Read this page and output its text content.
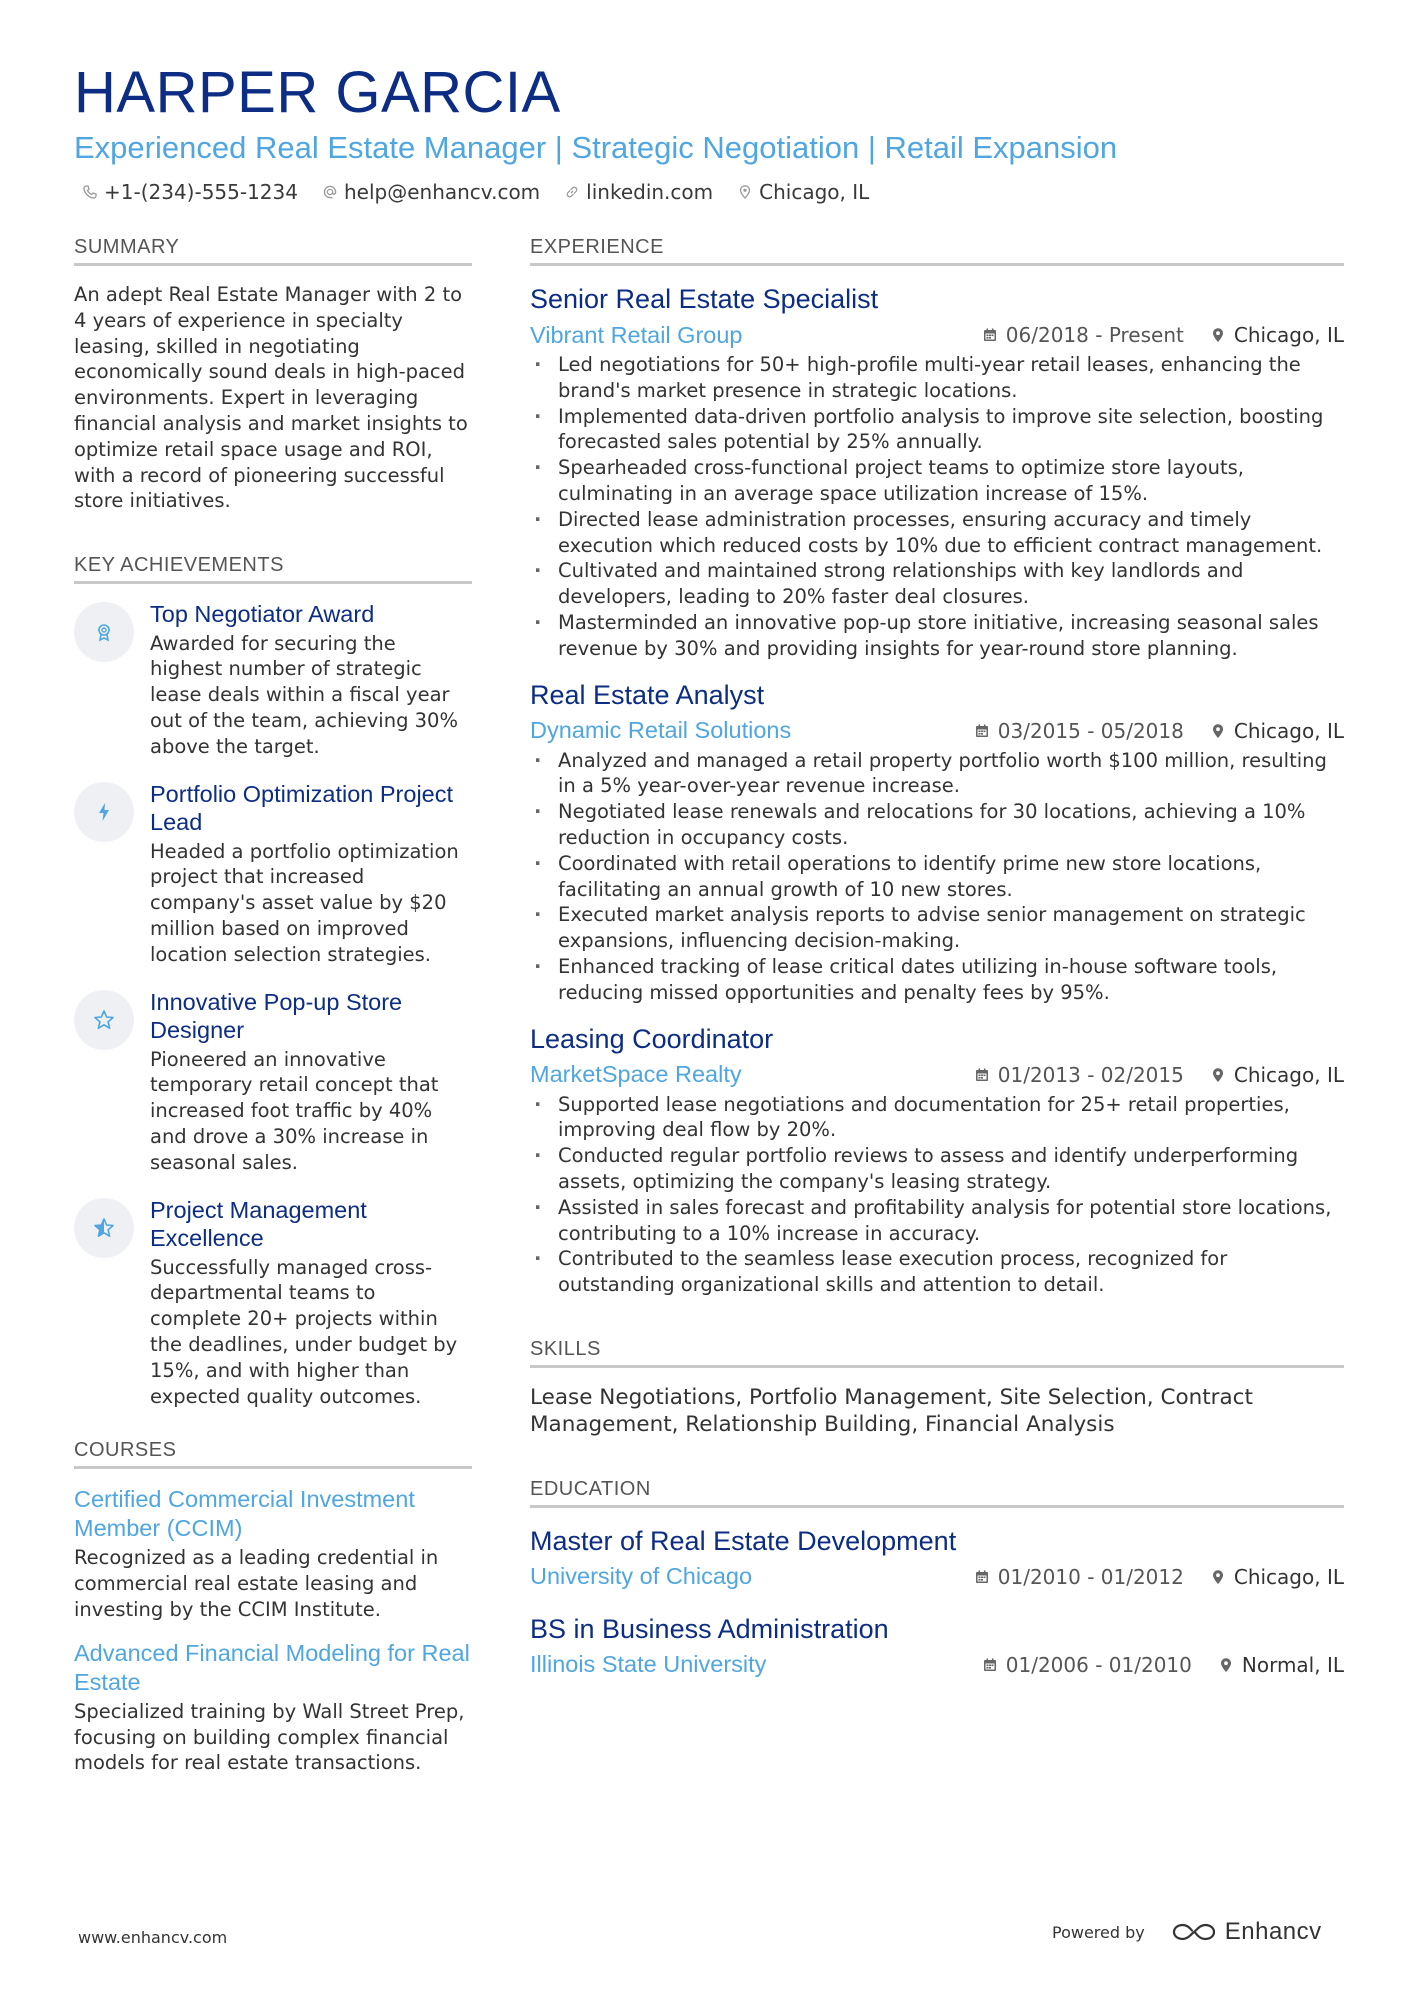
HARPER GARCIA
Experienced Real Estate Manager | Strategic Negotiation | Retail Expansion
+1-(234)-555-1234 help@enhancv.com linkedin.com Chicago, IL
SUMMARY
An adept Real Estate Manager with 2 to 4 years of experience in specialty leasing, skilled in negotiating economically sound deals in high-paced environments. Expert in leveraging financial analysis and market insights to optimize retail space usage and ROI, with a record of pioneering successful store initiatives.
KEY ACHIEVEMENTS
Top Negotiator Award
Awarded for securing the highest number of strategic lease deals within a fiscal year out of the team, achieving 30% above the target.
Portfolio Optimization Project Lead
Headed a portfolio optimization project that increased company's asset value by $20 million based on improved location selection strategies.
Innovative Pop-up Store Designer
Pioneered an innovative temporary retail concept that increased foot traffic by 40% and drove a 30% increase in seasonal sales.
Project Management Excellence
Successfully managed cross-departmental teams to complete 20+ projects within the deadlines, under budget by 15%, and with higher than expected quality outcomes.
COURSES
Certified Commercial Investment Member (CCIM)
Recognized as a leading credential in commercial real estate leasing and investing by the CCIM Institute.
Advanced Financial Modeling for Real Estate
Specialized training by Wall Street Prep, focusing on building complex financial models for real estate transactions.
EXPERIENCE
Senior Real Estate Specialist
Vibrant Retail Group	06/2018 - Present	Chicago, IL
· Led negotiations for 50+ high-profile multi-year retail leases, enhancing the brand's market presence in strategic locations.
· Implemented data-driven portfolio analysis to improve site selection, boosting forecasted sales potential by 25% annually.
· Spearheaded cross-functional project teams to optimize store layouts, culminating in an average space utilization increase of 15%.
· Directed lease administration processes, ensuring accuracy and timely execution which reduced costs by 10% due to efficient contract management.
· Cultivated and maintained strong relationships with key landlords and developers, leading to 20% faster deal closures.
· Masterminded an innovative pop-up store initiative, increasing seasonal sales revenue by 30% and providing insights for year-round store planning.
Real Estate Analyst
Dynamic Retail Solutions	03/2015 - 05/2018	Chicago, IL
· Analyzed and managed a retail property portfolio worth $100 million, resulting in a 5% year-over-year revenue increase.
· Negotiated lease renewals and relocations for 30 locations, achieving a 10% reduction in occupancy costs.
· Coordinated with retail operations to identify prime new store locations, facilitating an annual growth of 10 new stores.
· Executed market analysis reports to advise senior management on strategic expansions, influencing decision-making.
· Enhanced tracking of lease critical dates utilizing in-house software tools, reducing missed opportunities and penalty fees by 95%.
Leasing Coordinator
MarketSpace Realty	01/2013 - 02/2015	Chicago, IL
· Supported lease negotiations and documentation for 25+ retail properties, improving deal flow by 20%.
· Conducted regular portfolio reviews to assess and identify underperforming assets, optimizing the company's leasing strategy.
· Assisted in sales forecast and profitability analysis for potential store locations, contributing to a 10% increase in accuracy.
· Contributed to the seamless lease execution process, recognized for outstanding organizational skills and attention to detail.
SKILLS
Lease Negotiations, Portfolio Management, Site Selection, Contract Management, Relationship Building, Financial Analysis
EDUCATION
Master of Real Estate Development
University of Chicago	01/2010 - 01/2012	Chicago, IL
BS in Business Administration
Illinois State University	01/2006 - 01/2010	Normal, IL
www.enhancv.com	Powered by	Enhancv
